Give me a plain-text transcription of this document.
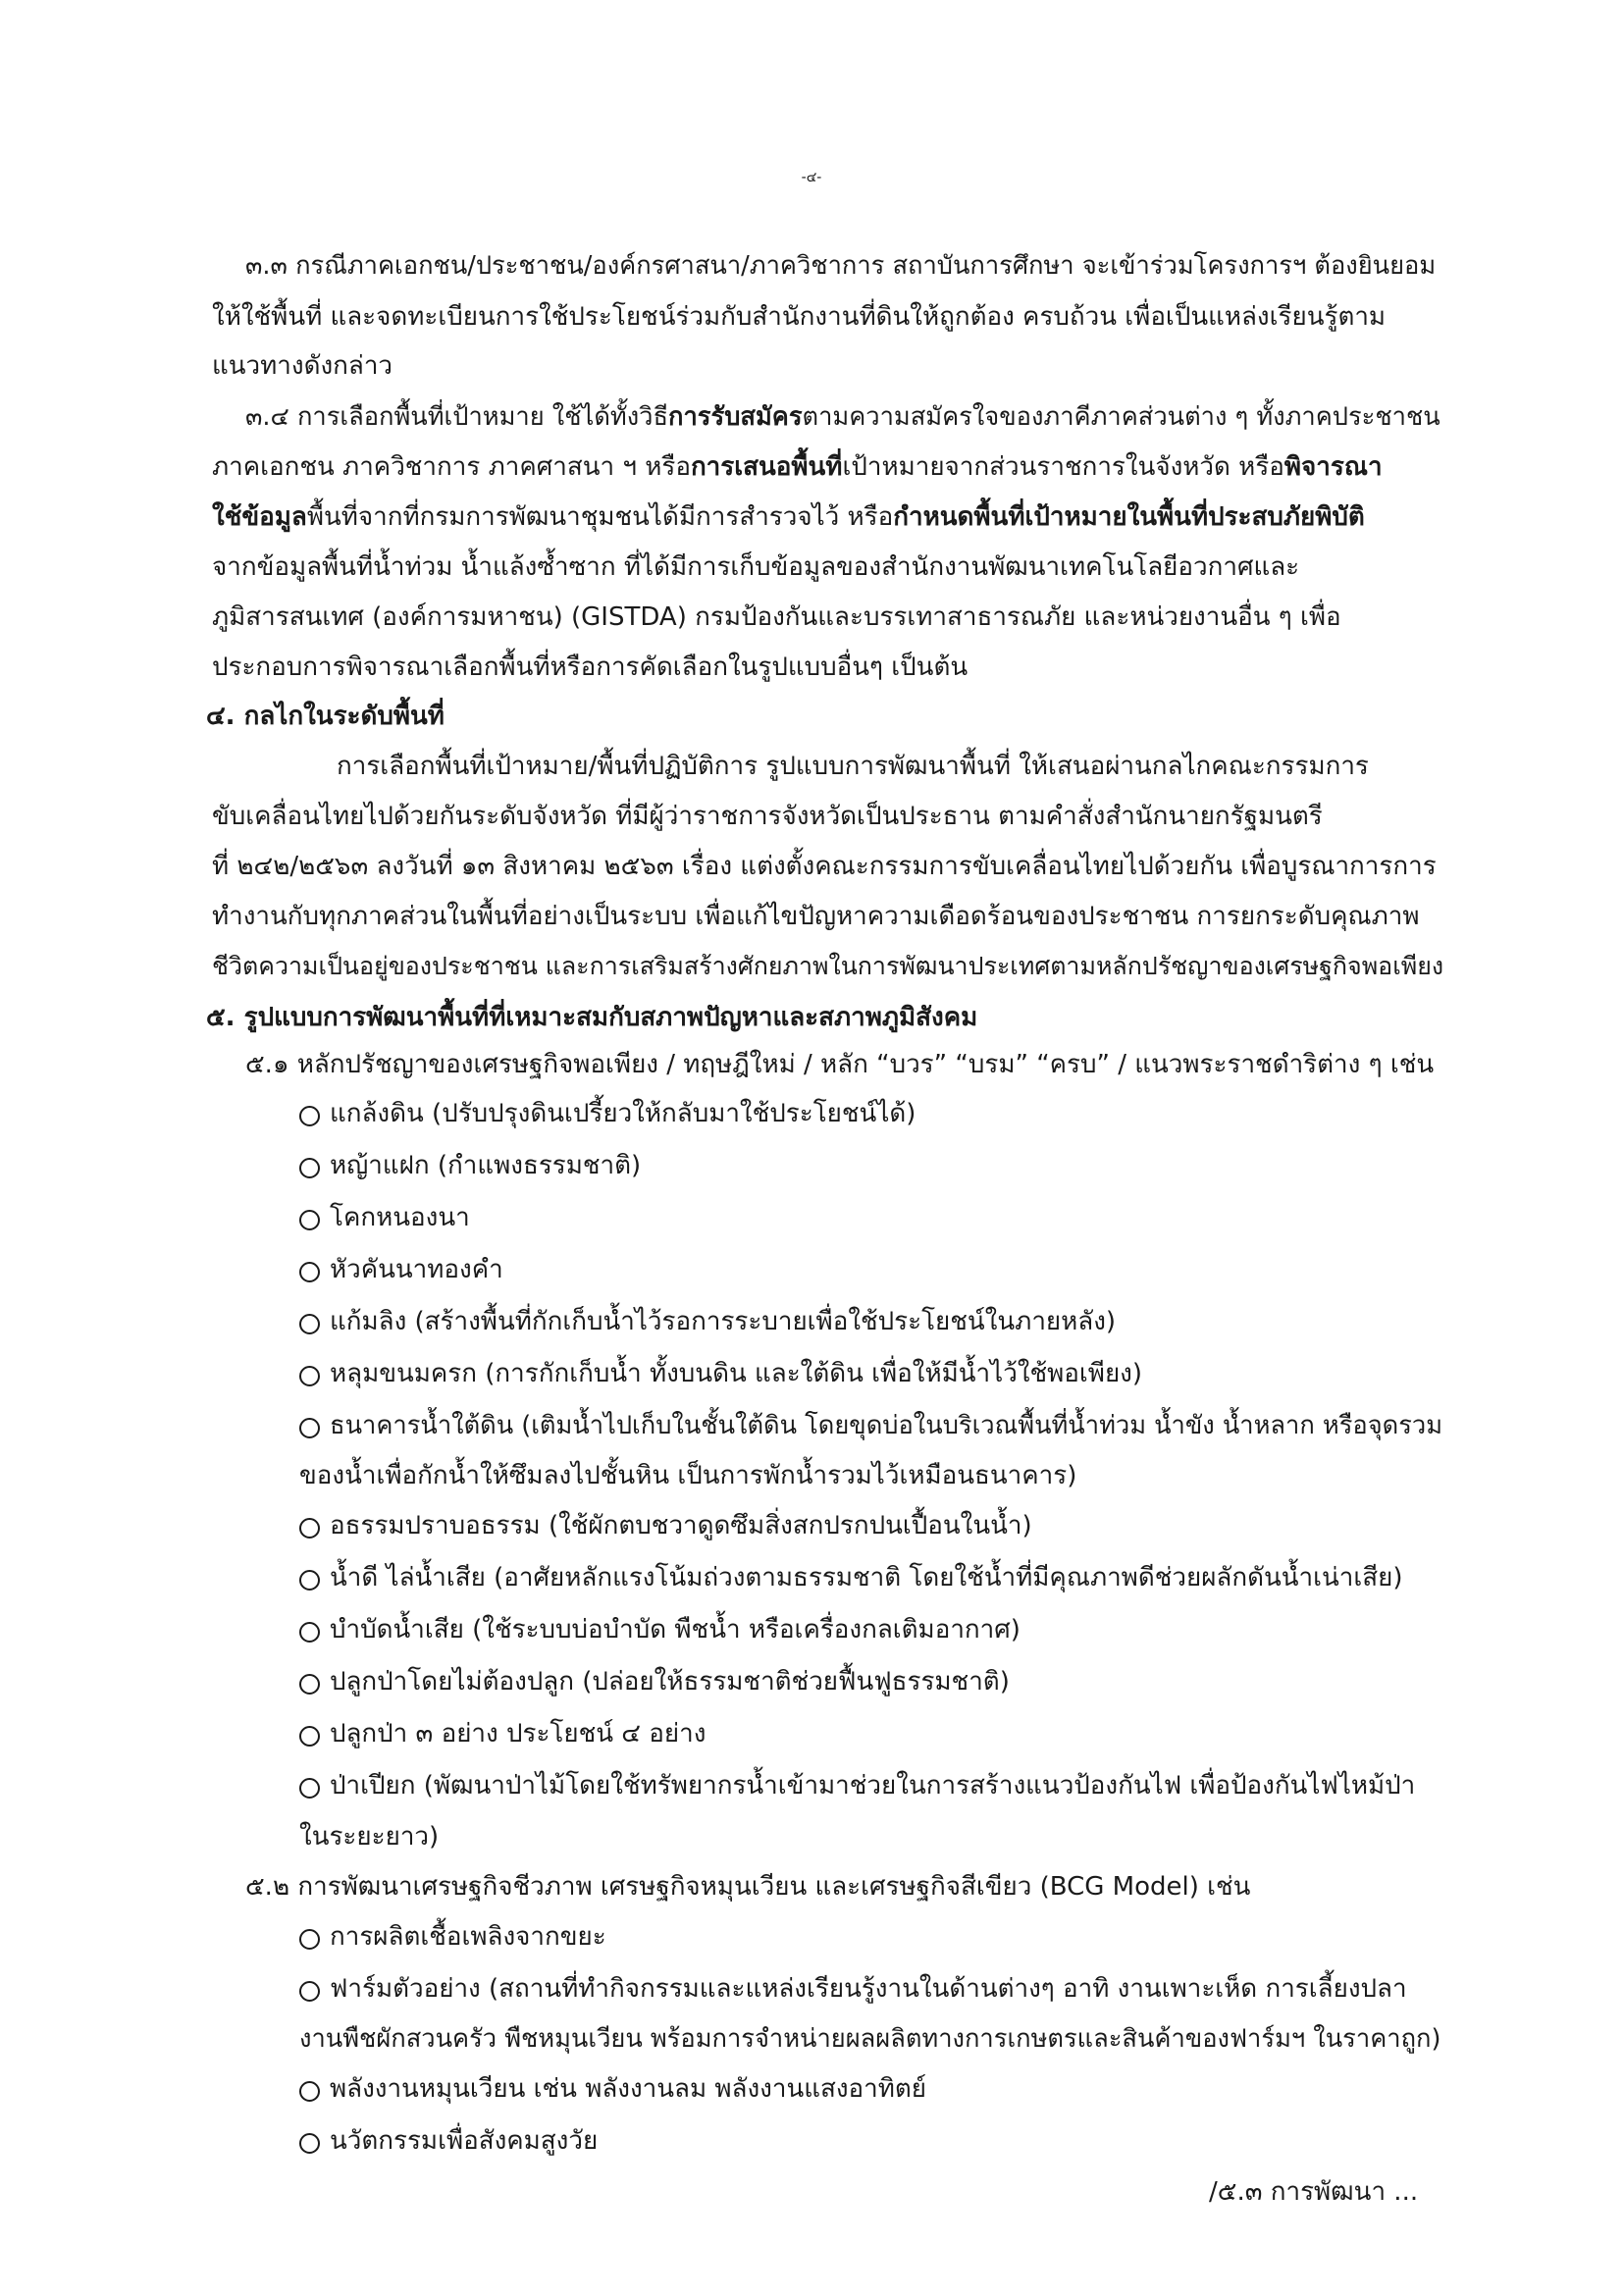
-๔-
๓.๓ กรณีภาคเอกชน/ประชาชน/องค์กรศาสนา/ภาควิชาการ สถาบันการศึกษา จะเข้าร่วมโครงการฯ ต้องยินยอม
ให้ใช้พื้นที่ และจดทะเบียนการใช้ประโยชน์ร่วมกับสำนักงานที่ดินให้ถูกต้อง ครบถ้วน เพื่อเป็นแหล่งเรียนรู้ตาม
แนวทางดังกล่าว
๓.๔ การเลือกพื้นที่เป้าหมาย ใช้ได้ทั้งวิธีการรับสมัครตามความสมัครใจของภาคีภาคส่วนต่าง ๆ ทั้งภาคประชาชน
ภาคเอกชน ภาควิชาการ ภาคศาสนา ฯ หรือการเสนอพื้นที่เป้าหมายจากส่วนราชการในจังหวัด หรือพิจารณา
ใช้ข้อมูลพื้นที่จากที่กรมการพัฒนาชุมชนได้มีการสำรวจไว้ หรือกำหนดพื้นที่เป้าหมายในพื้นที่ประสบภัยพิบัติ
จากข้อมูลพื้นที่น้ำท่วม น้ำแล้งซ้ำซาก ที่ได้มีการเก็บข้อมูลของสำนักงานพัฒนาเทคโนโลยีอวกาศและ
ภูมิสารสนเทศ (องค์การมหาชน) (GISTDA) กรมป้องกันและบรรเทาสาธารณภัย และหน่วยงานอื่น ๆ เพื่อ
ประกอบการพิจารณาเลือกพื้นที่หรือการคัดเลือกในรูปแบบอื่นๆ เป็นต้น
๔. กลไกในระดับพื้นที่
การเลือกพื้นที่เป้าหมาย/พื้นที่ปฏิบัติการ รูปแบบการพัฒนาพื้นที่ ให้เสนอผ่านกลไกคณะกรรมการ
ขับเคลื่อนไทยไปด้วยกันระดับจังหวัด ที่มีผู้ว่าราชการจังหวัดเป็นประธาน ตามคำสั่งสำนักนายกรัฐมนตรี
ที่ ๒๔๒/๒๕๖๓ ลงวันที่ ๑๓ สิงหาคม ๒๕๖๓ เรื่อง แต่งตั้งคณะกรรมการขับเคลื่อนไทยไปด้วยกัน เพื่อบูรณาการการ
ทำงานกับทุกภาคส่วนในพื้นที่อย่างเป็นระบบ เพื่อแก้ไขปัญหาความเดือดร้อนของประชาชน การยกระดับคุณภาพ
ชีวิตความเป็นอยู่ของประชาชน และการเสริมสร้างศักยภาพในการพัฒนาประเทศตามหลักปรัชญาของเศรษฐกิจพอเพียง
๕. รูปแบบการพัฒนาพื้นที่ที่เหมาะสมกับสภาพปัญหาและสภาพภูมิสังคม
๕.๑ หลักปรัชญาของเศรษฐกิจพอเพียง / ทฤษฎีใหม่ / หลัก “บวร” “บรม” “ครบ” / แนวพระราชดำริต่าง ๆ เช่น
แกล้งดิน (ปรับปรุงดินเปรี้ยวให้กลับมาใช้ประโยชน์ได้)
หญ้าแฝก (กำแพงธรรมชาติ)
โคกหนองนา
หัวคันนาทองคำ
แก้มลิง (สร้างพื้นที่กักเก็บน้ำไว้รอการระบายเพื่อใช้ประโยชน์ในภายหลัง)
หลุมขนมครก (การกักเก็บน้ำ ทั้งบนดิน และใต้ดิน เพื่อให้มีน้ำไว้ใช้พอเพียง)
ธนาคารน้ำใต้ดิน (เติมน้ำไปเก็บในชั้นใต้ดิน โดยขุดบ่อในบริเวณพื้นที่น้ำท่วม น้ำขัง น้ำหลาก หรือจุดรวม
ของน้ำเพื่อกักน้ำให้ซึมลงไปชั้นหิน เป็นการพักน้ำรวมไว้เหมือนธนาคาร)
อธรรมปราบอธรรม (ใช้ผักตบชวาดูดซึมสิ่งสกปรกปนเปื้อนในน้ำ)
น้ำดี ไล่น้ำเสีย (อาศัยหลักแรงโน้มถ่วงตามธรรมชาติ โดยใช้น้ำที่มีคุณภาพดีช่วยผลักดันน้ำเน่าเสีย)
บำบัดน้ำเสีย (ใช้ระบบบ่อบำบัด พืชน้ำ หรือเครื่องกลเติมอากาศ)
ปลูกป่าโดยไม่ต้องปลูก (ปล่อยให้ธรรมชาติช่วยฟื้นฟูธรรมชาติ)
ปลูกป่า ๓ อย่าง ประโยชน์ ๔ อย่าง
ป่าเปียก (พัฒนาป่าไม้โดยใช้ทรัพยากรน้ำเข้ามาช่วยในการสร้างแนวป้องกันไฟ เพื่อป้องกันไฟไหม้ป่า
ในระยะยาว)
๕.๒ การพัฒนาเศรษฐกิจชีวภาพ เศรษฐกิจหมุนเวียน และเศรษฐกิจสีเขียว (BCG Model) เช่น
การผลิตเชื้อเพลิงจากขยะ
ฟาร์มตัวอย่าง (สถานที่ทำกิจกรรมและแหล่งเรียนรู้งานในด้านต่างๆ อาทิ งานเพาะเห็ด การเลี้ยงปลา
งานพืชผักสวนครัว พืชหมุนเวียน พร้อมการจำหน่ายผลผลิตทางการเกษตรและสินค้าของฟาร์มฯ ในราคาถูก)
พลังงานหมุนเวียน เช่น พลังงานลม พลังงานแสงอาทิตย์
นวัตกรรมเพื่อสังคมสูงวัย
/๕.๓ การพัฒนา ...
